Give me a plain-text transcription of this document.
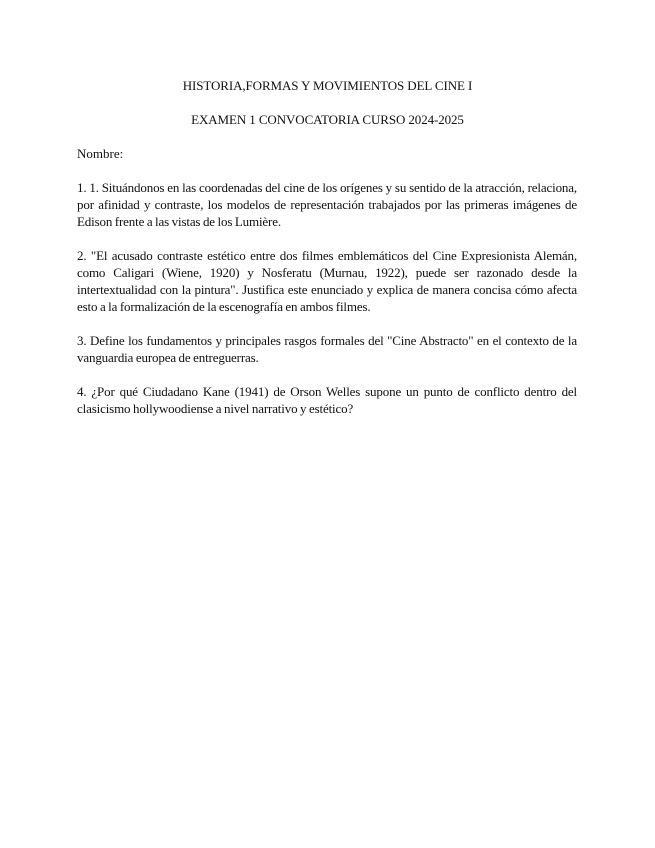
HISTORIA,FORMAS Y MOVIMIENTOS DEL CINE I
EXAMEN 1 CONVOCATORIA CURSO 2024-2025
Nombre:

1. 1. Situándonos en las coordenadas del cine de los orígenes y su sentido de la atracción, relaciona, por afinidad y contraste, los modelos de representación trabajados por las primeras imágenes de Edison frente a las vistas de los Lumière.

2. "El acusado contraste estético entre dos filmes emblemáticos del Cine Expresionista Alemán, como Caligari (Wiene, 1920) y Nosferatu (Murnau, 1922), puede ser razonado desde la intertextualidad con la pintura". Justifica este enunciado y explica de manera concisa cómo afecta esto a la formalización de la escenografía en ambos filmes.

3. Define los fundamentos y principales rasgos formales del "Cine Abstracto" en el contexto de la vanguardia europea de entreguerras.

4. ¿Por qué Ciudadano Kane (1941) de Orson Welles supone un punto de conflicto dentro del clasicismo hollywoodiense a nivel narrativo y estético?
